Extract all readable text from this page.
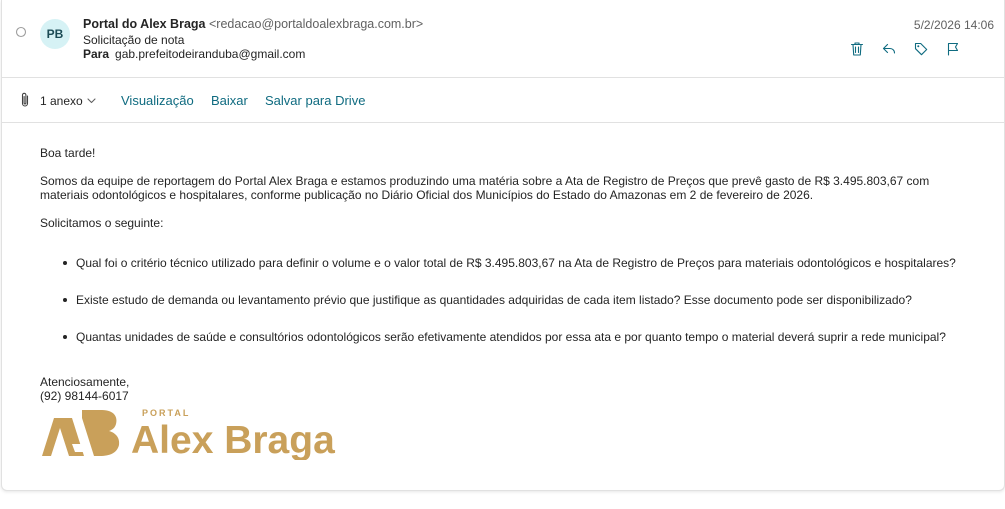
PB
Portal do Alex Braga <redacao@portaldoalexbraga.com.br>
Solicitação de nota
Para gab.prefeitodeiranduba@gmail.com
5/2/2026 14:06
1 anexo	Visualização Baixar Salvar para Drive

Boa tarde!

Somos da equipe de reportagem do Portal Alex Braga e estamos produzindo uma matéria sobre a Ata de Registro de Preços que prevê gasto de R$ 3.495.803,67 com materiais odontológicos e hospitalares, conforme publicação no Diário Oficial dos Municípios do Estado do Amazonas em 2 de fevereiro de 2026.

Solicitamos o seguinte:

Qual foi o critério técnico utilizado para definir o volume e o valor total de R$ 3.495.803,67 na Ata de Registro de Preços para materiais odontológicos e hospitalares?
Existe estudo de demanda ou levantamento prévio que justifique as quantidades adquiridas de cada item listado? Esse documento pode ser disponibilizado?
Quantas unidades de saúde e consultórios odontológicos serão efetivamente atendidos por essa ata e por quanto tempo o material deverá suprir a rede municipal?

Atenciosamente,

(92) 98144-6017

PORTAL
Alex Braga
